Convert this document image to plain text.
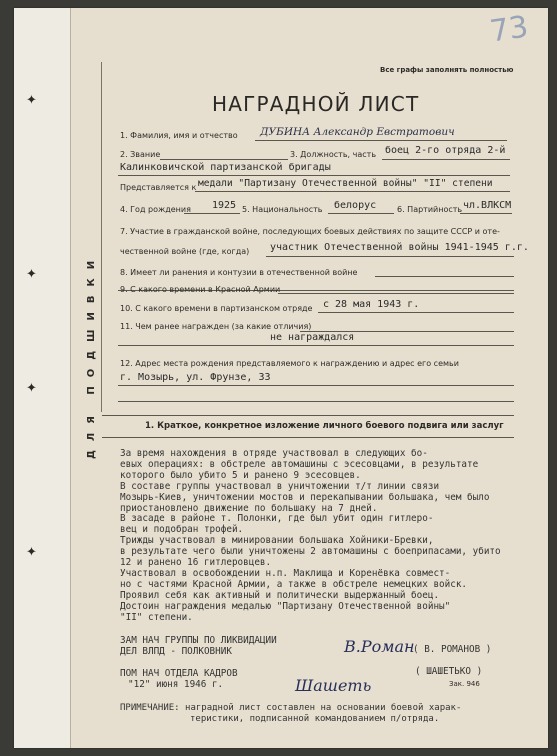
✦
✦
✦
✦
ДЛЯ ПОДШИВКИ
73
Все графы заполнять полностью
НАГРАДНОЙ ЛИСТ
1. Фамилия, имя и отчество ДУБИНА Александр Евстратович
2. Звание	3. Должность, часть боец 2-го отряда 2-й
Калинковичской партизанской бригады
Представляется к медали "Партизану Отечественной войны" "II" степени
4. Год рождения 1925 5. Национальность белорус	6. Партийность чл.ВЛКСМ
7. Участие в гражданской войне, последующих боевых действиях по защите СССР и оте-
чественной войне (где, когда) участник Отечественной войны 1941-1945 г.г.
8. Имеет ли ранения и контузии в отечественной войне
9. С какого времени в Красной Армии
10. С какого времени в партизанском отряде с 28 мая 1943 г.
11. Чем ранее награжден (за какие отличия)
не награждался
12. Адрес места рождения представляемого к награждению и адрес его семьи
г. Мозырь, ул. Фрунзе, 33
1. Краткое, конкретное изложение личного боевого подвига или заслуг
За время нахождения в отряде участвовал в следующих бо-
евых операциях: в обстреле автомашины с эсесовцами, в результате
которого было убито 5 и ранено 9 эсесовцев.
В составе группы участвовал в уничтожении т/т линии связи
Мозырь-Киев, уничтожении мостов и перекапывании большака, чем было
приостановлено движение по большаку на 7 дней.
В засаде в районе т. Полонки, где был убит один гитлеро-
вец и подобран трофей.
Трижды участвовал в минировании большака Хойники-Бревки,
в результате чего были уничтожены 2 автомашины с боеприпасами, убито
12 и ранено 16 гитлеровцев.
Участвовал в освобождении н.п. Маклища и Коренёвка совмест-
но с частями Красной Армии, а также в обстреле немецких войск.
Проявил себя как активный и политически выдержанный боец.
Достоин награждения медалью "Партизану Отечественной войны"
"II" степени.
ЗАМ НАЧ ГРУППЫ ПО ЛИКВИДАЦИИ
ДЕЛ ВЛПД - ПОЛКОВНИК	В.Роман
( В. РОМАНОВ )
ПОМ НАЧ ОТДЕЛА КАДРОВ
"12" июня 1946 г.	Шашеть
( ШАШЕТЬКО )
Зак. 946
ПРИМЕЧАНИЕ: наградной лист составлен на основании боевой харак-
теристики, подписанной командованием п/отряда.
